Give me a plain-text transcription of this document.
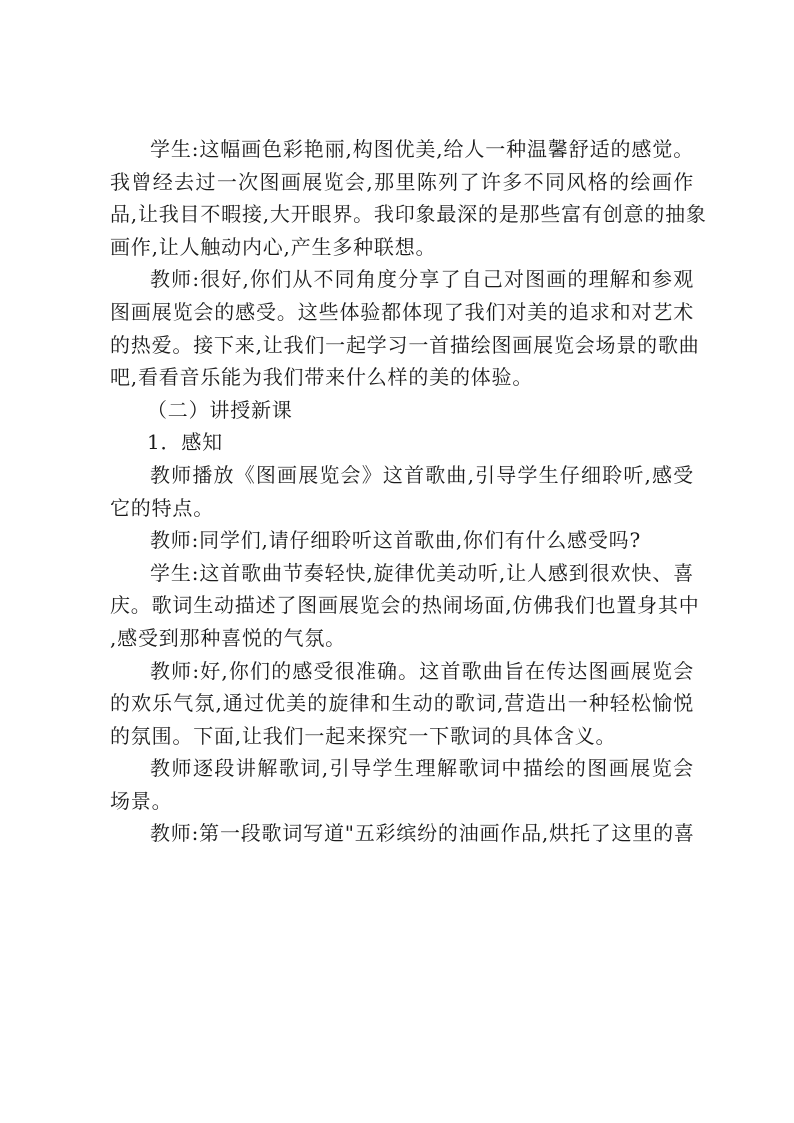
学生:这幅画色彩艳丽,构图优美,给人一种温馨舒适的感觉。
我曾经去过一次图画展览会,那里陈列了许多不同风格的绘画作
品,让我目不暇接,大开眼界。我印象最深的是那些富有创意的抽象
画作,让人触动内心,产生多种联想。
教师:很好,你们从不同角度分享了自己对图画的理解和参观
图画展览会的感受。这些体验都体现了我们对美的追求和对艺术
的热爱。接下来,让我们一起学习一首描绘图画展览会场景的歌曲
吧,看看音乐能为我们带来什么样的美的体验。
（二）讲授新课
1．感知
教师播放《图画展览会》这首歌曲,引导学生仔细聆听,感受
它的特点。
教师:同学们,请仔细聆听这首歌曲,你们有什么感受吗?
学生:这首歌曲节奏轻快,旋律优美动听,让人感到很欢快、喜
庆。歌词生动描述了图画展览会的热闹场面,仿佛我们也置身其中
,感受到那种喜悦的气氛。
教师:好,你们的感受很准确。这首歌曲旨在传达图画展览会
的欢乐气氛,通过优美的旋律和生动的歌词,营造出一种轻松愉悦
的氛围。下面,让我们一起来探究一下歌词的具体含义。
教师逐段讲解歌词,引导学生理解歌词中描绘的图画展览会
场景。
教师:第一段歌词写道"五彩缤纷的油画作品,烘托了这里的喜
